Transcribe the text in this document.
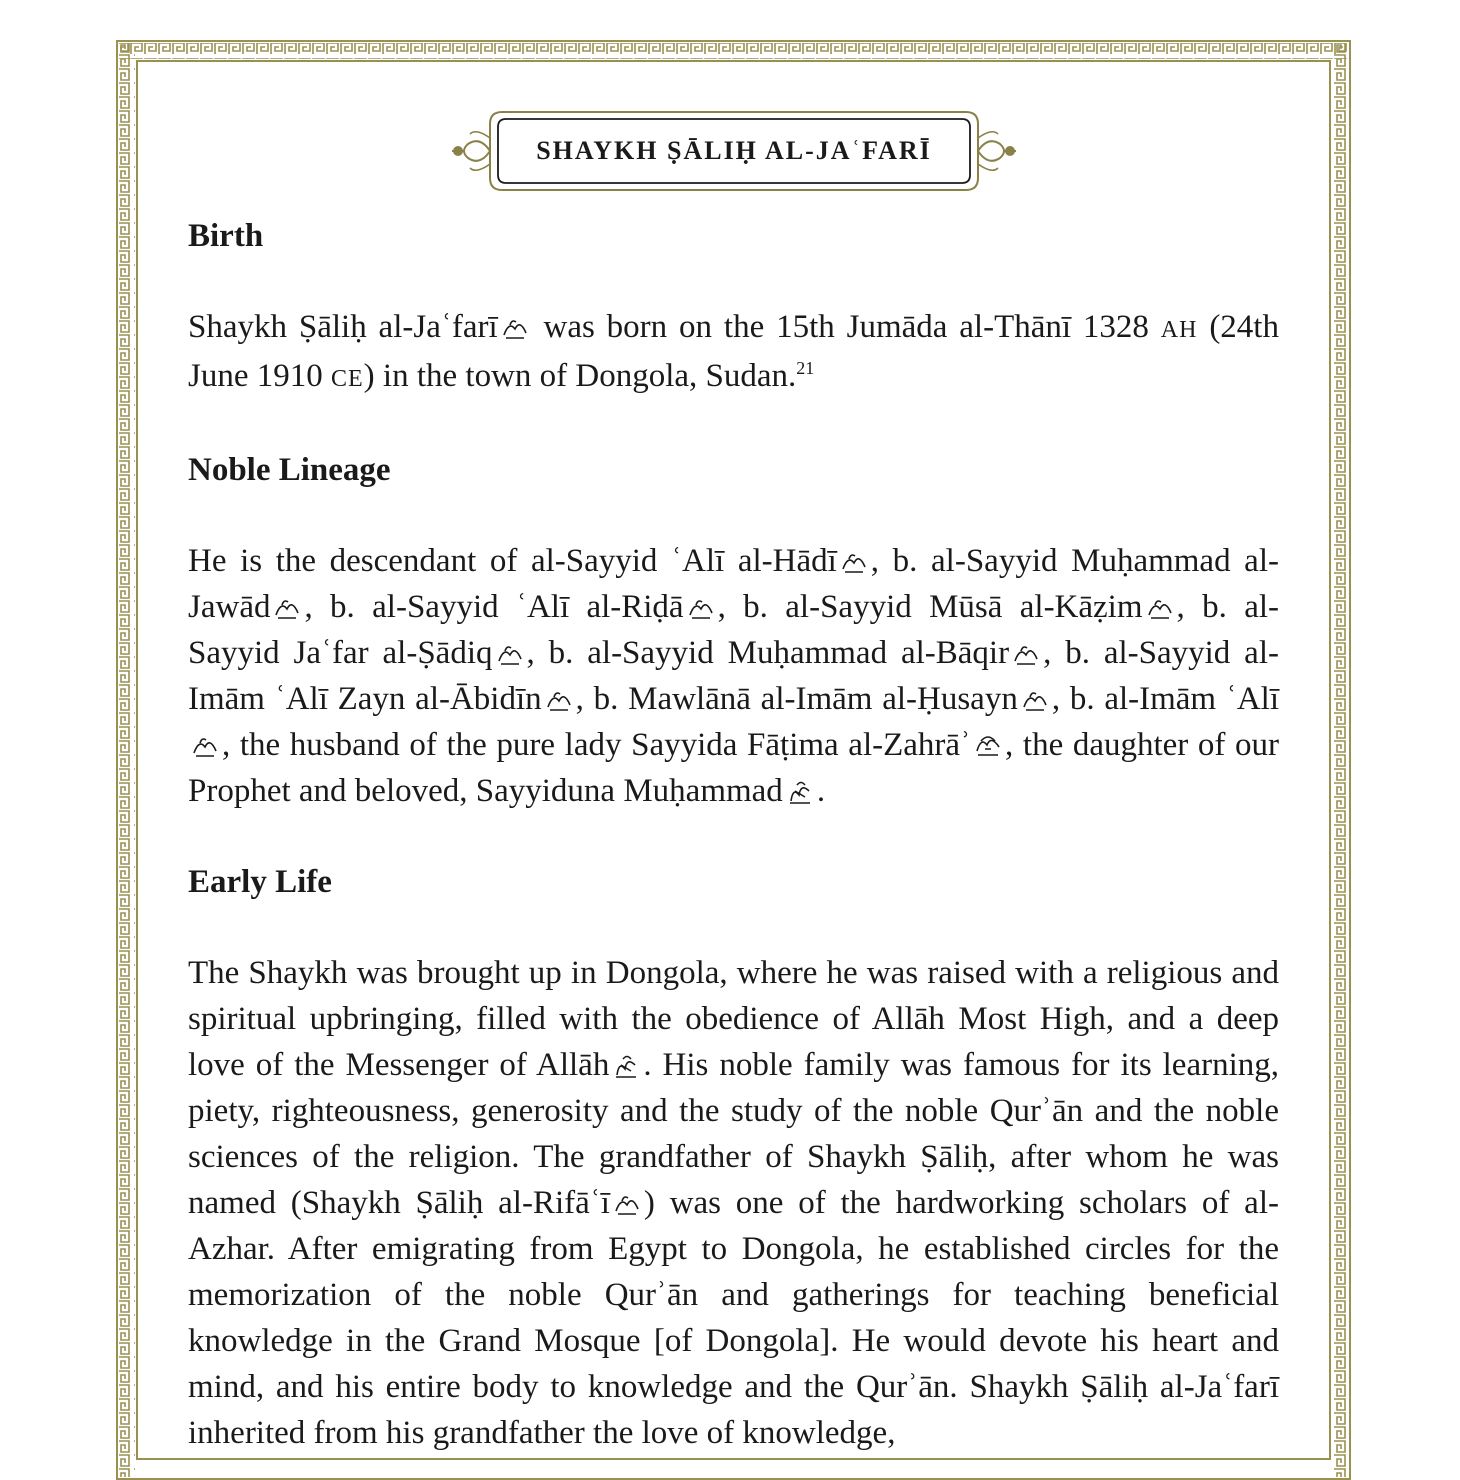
SHAYKH ṢĀLIḤ AL-JAʿFARĪ
Birth

Shaykh Ṣāliḥ al-Jaʿfarī
was born on the 15th Jumāda al-Thānī 1328 AH (24th June 1910 CE) in the town of Dongola, Sudan.$^{21}$

Noble Lineage

He is the descendant of al-Sayyid ʿAlī al-Hādī , b. al-Sayyid Muḥammad al-Jawād , b. al-Sayyid ʿAlī al-Riḍā , b. al-Sayyid Mūsā al-Kāẓim , b. al-Sayyid Jaʿfar al-Ṣādiq , b. al-Sayyid Muḥammad al-Bāqir , b. al-Sayyid al-Imām ʿAlī Zayn al-Ābidīn , b. Mawlānā al-Imām al-Ḥusayn , b. al-Imām ʿAlī
, the husband of the pure lady Sayyida Fāṭima al-Zahrāʾ , the daughter of our Prophet and beloved, Sayyiduna Muḥammad .

Early Life

The Shaykh was brought up in Dongola, where he was raised with a religious and spiritual upbringing, filled with the obedience of Allāh Most High, and a deep love of the Messenger of Allāh . His noble family was famous for its learning, piety, righteousness, generosity and the study of the noble Qurʾān and the noble sciences of the religion. The grandfather of Shaykh Ṣāliḥ, after whom he was named (Shaykh Ṣāliḥ al-Rifāʿī ) was one of the hardworking scholars of al-Azhar. After emigrating from Egypt to Dongola, he established circles for the memorization of the noble Qurʾān and gatherings for teaching beneficial knowledge in the Grand Mosque [of Dongola]. He would devote his heart and mind, and his entire body to knowledge and the Qurʾān. Shaykh Ṣāliḥ al-Jaʿfarī inherited from his grandfather the love of knowledge,
